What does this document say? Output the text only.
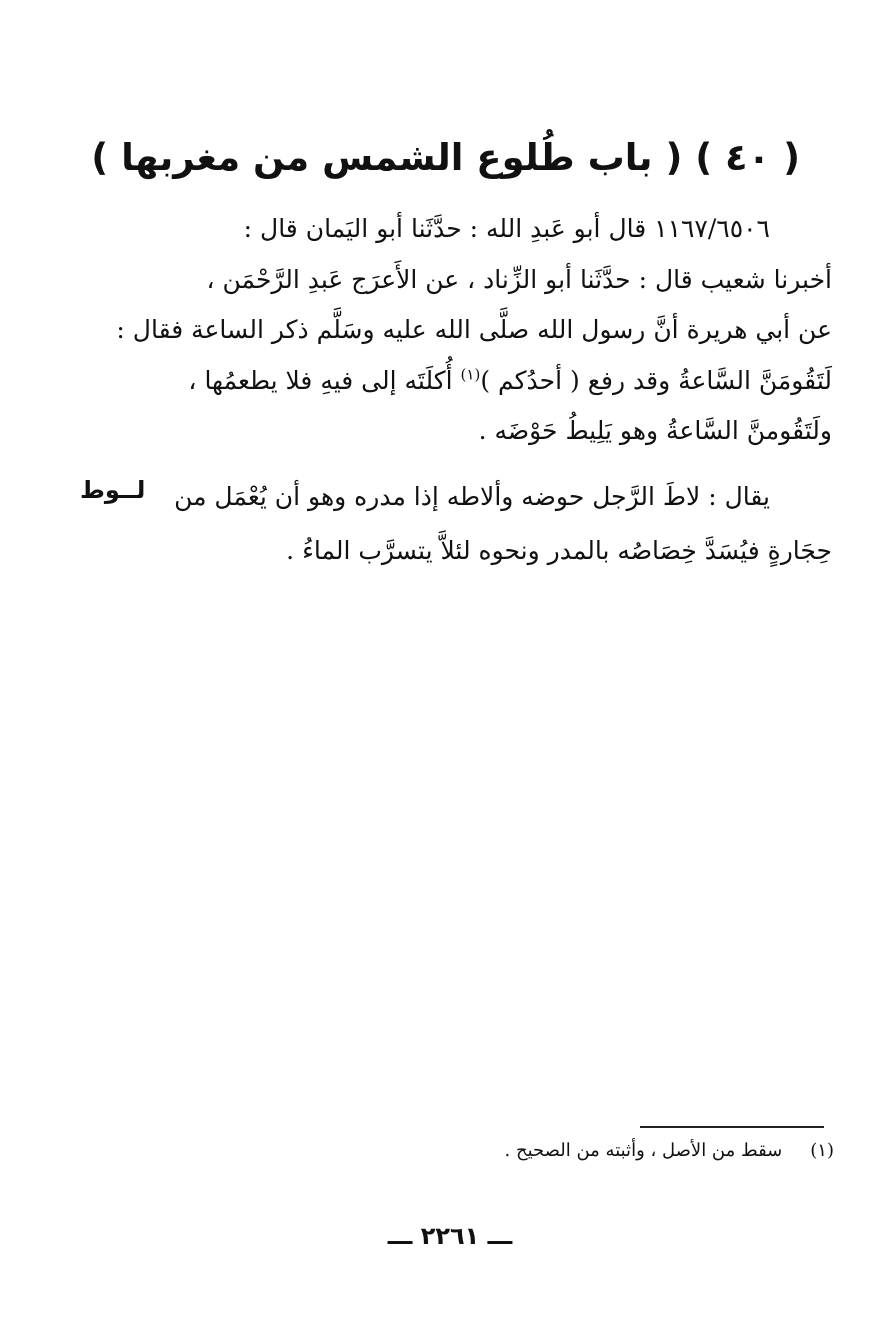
( ٤٠ ) ( باب طُلوع الشمس من مغربها )

١١٦٧/٦٥٠٦ قال أبو عَبدِ الله : حدَّثَنا أبو اليَمان قال :
أخبرنا شعيب قال : حدَّثَنا أبو الزِّناد ، عن الأَعرَج عَبدِ الرَّحْمَن ،
عن أبي هريرة أنَّ رسول الله صلَّى الله عليه وسَلَّم ذكر الساعة فقال :
لَتَقُومَنَّ السَّاعةُ وقد رفع ( أحدُكم )$^{(١)}$ أُكلَتَه إلى فيهِ فلا يطعمُها ،
ولَتَقُومنَّ السَّاعةُ وهو يَلِيطُ حَوْضَه .

لــوط	يقال : لاطَ الرَّجل حوضه وألاطه إذا مدره وهو أن يُعْمَل من
حِجَارةٍ فيُسَدَّ خِصَاصُه بالمدر ونحوه لئلاَّ يتسرَّب الماءُ .

(١)سقط من الأصل ، وأثبته من الصحيح .
ـــ ٢٢٦١ ـــ
